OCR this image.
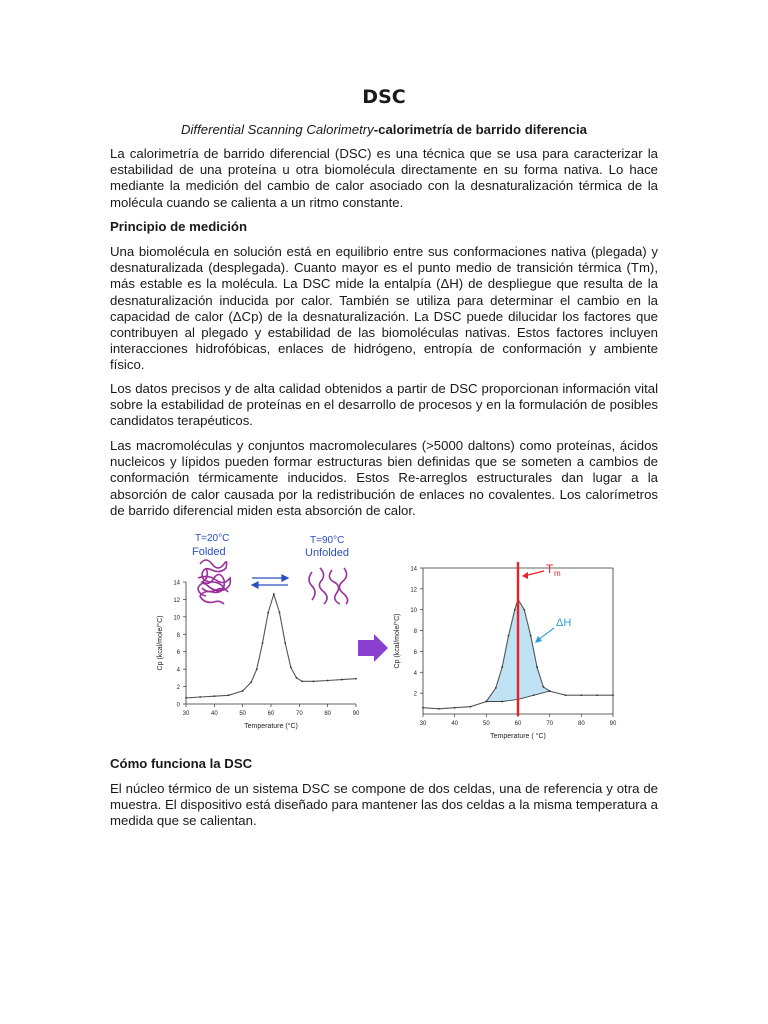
DSC
Differential Scanning Calorimetry-calorimetría de barrido diferencia

La calorimetría de barrido diferencial (DSC) es una técnica que se usa para caracterizar la estabilidad de una proteína u otra biomolécula directamente en su forma nativa. Lo hace mediante la medición del cambio de calor asociado con la desnaturalización térmica de la molécula cuando se calienta a un ritmo constante.

Principio de medición

Una biomolécula en solución está en equilibrio entre sus conformaciones nativa (plegada) y desnaturalizada (desplegada). Cuanto mayor es el punto medio de transición térmica (Tm), más estable es la molécula. La DSC mide la entalpía (ΔH) de despliegue que resulta de la desnaturalización inducida por calor. También se utiliza para determinar el cambio en la capacidad de calor (ΔCp) de la desnaturalización. La DSC puede dilucidar los factores que contribuyen al plegado y estabilidad de las biomoléculas nativas. Estos factores incluyen interacciones hidrofóbicas, enlaces de hidrógeno, entropía de conformación y ambiente físico.

Los datos precisos y de alta calidad obtenidos a partir de DSC proporcionan información vital sobre la estabilidad de proteínas en el desarrollo de procesos y en la formulación de posibles candidatos terapéuticos.

Las macromoléculas y conjuntos macromoleculares (>5000 daltons) como proteínas, ácidos nucleicos y lípidos pueden formar estructuras bien definidas que se someten a cambios de conformación térmicamente inducidos. Estos Re-arreglos estructurales dan lugar a la absorción de calor causada por la redistribución de enlaces no covalentes. Los calorímetros de barrido diferencial miden esta absorción de calor.

T=20°C
Folded
T=90°C
Unfolded
30	40	50	60	70	80	90
0
2
4
6
8
10
12
14
Temperature (°C)
Cp (kcal/mole/°C)
30	40	50	60	70	80	90
2
4
6
8
10
12
14
Temperature ( °C)
Cp (kcal/mole/°C)
T m
ΔH

Cómo funciona la DSC

El núcleo térmico de un sistema DSC se compone de dos celdas, una de referencia y otra de muestra. El dispositivo está diseñado para mantener las dos celdas a la misma temperatura a medida que se calientan.
